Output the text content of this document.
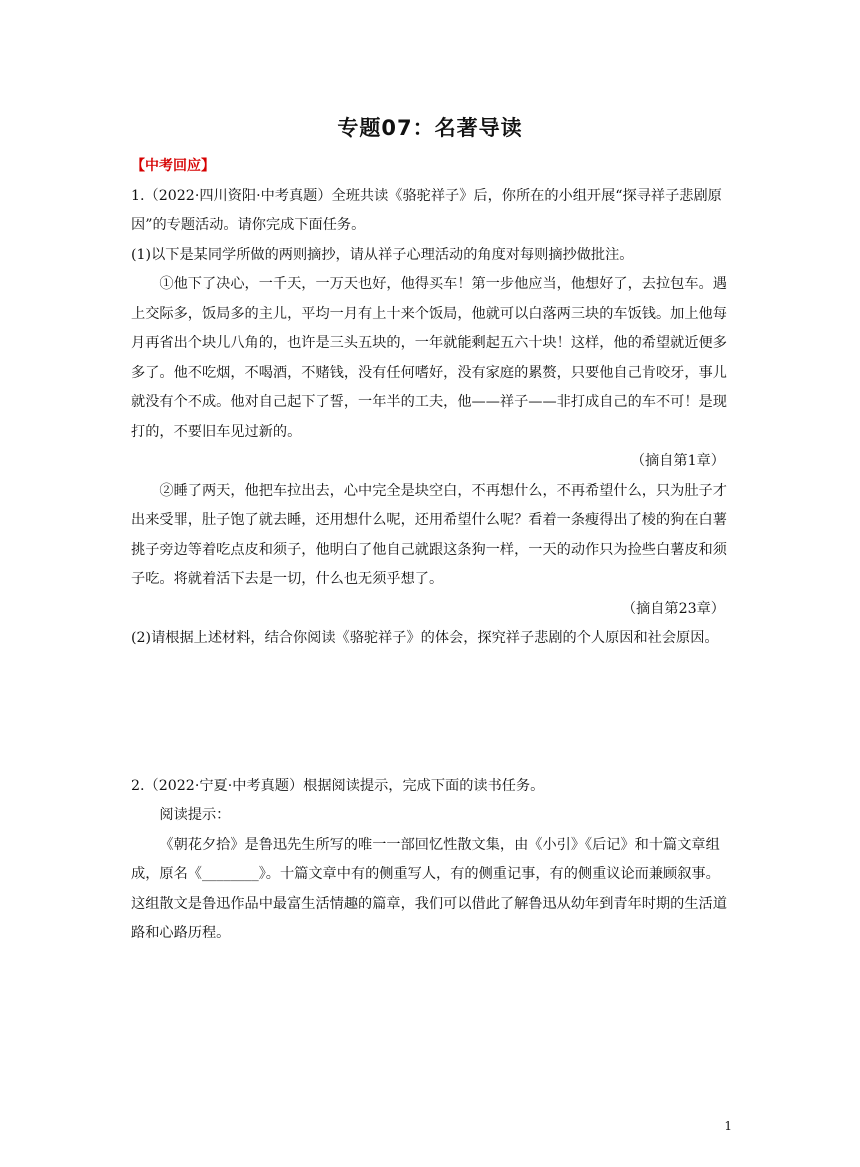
专题07：名著导读

【中考回应】

1.（2022·四川资阳·中考真题）全班共读《骆驼祥子》后，你所在的小组开展“探寻祥子悲剧原因”的专题活动。请你完成下面任务。

(1)以下是某同学所做的两则摘抄，请从祥子心理活动的角度对每则摘抄做批注。

①他下了决心，一千天，一万天也好，他得买车！第一步他应当，他想好了，去拉包车。遇上交际多，饭局多的主儿，平均一月有上十来个饭局，他就可以白落两三块的车饭钱。加上他每月再省出个块儿八角的，也许是三头五块的，一年就能剩起五六十块！这样，他的希望就近便多多了。他不吃烟，不喝酒，不赌钱，没有任何嗜好，没有家庭的累赘，只要他自己肯咬牙，事儿就没有个不成。他对自己起下了誓，一年半的工夫，他——祥子——非打成自己的车不可！是现打的，不要旧车见过新的。

（摘自第1章）

②睡了两天，他把车拉出去，心中完全是块空白，不再想什么，不再希望什么，只为肚子才出来受罪，肚子饱了就去睡，还用想什么呢，还用希望什么呢？看着一条瘦得出了棱的狗在白薯挑子旁边等着吃点皮和须子，他明白了他自己就跟这条狗一样，一天的动作只为捡些白薯皮和须子吃。将就着活下去是一切，什么也无须乎想了。

（摘自第23章）

(2)请根据上述材料，结合你阅读《骆驼祥子》的体会，探究祥子悲剧的个人原因和社会原因。

2.（2022·宁夏·中考真题）根据阅读提示，完成下面的读书任务。

阅读提示：

《朝花夕拾》是鲁迅先生所写的唯一一部回忆性散文集，由《小引》《后记》和十篇文章组成，原名《________》。十篇文章中有的侧重写人，有的侧重记事，有的侧重议论而兼顾叙事。这组散文是鲁迅作品中最富生活情趣的篇章，我们可以借此了解鲁迅从幼年到青年时期的生活道路和心路历程。

1
